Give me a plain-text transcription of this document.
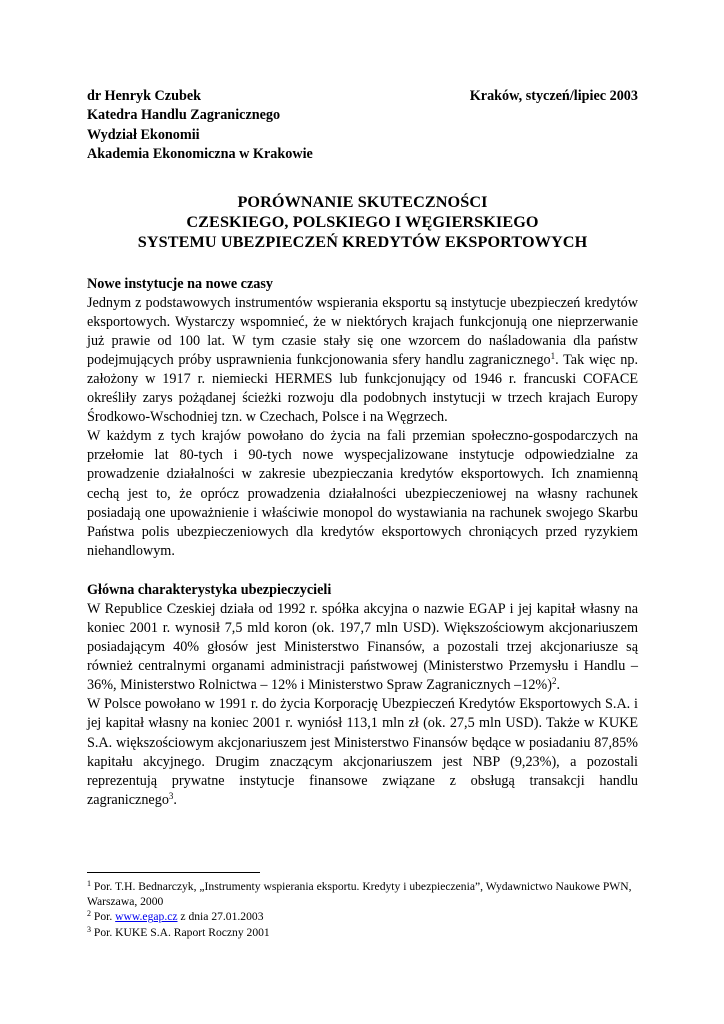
dr Henryk Czubek	Kraków, styczeń/lipiec 2003
Katedra Handlu Zagranicznego
Wydział Ekonomii
Akademia Ekonomiczna w Krakowie
PORÓWNANIE SKUTECZNOŚCI
CZESKIEGO, POLSKIEGO I WĘGIERSKIEGO
SYSTEMU UBEZPIECZEŃ KREDYTÓW EKSPORTOWYCH
Nowe instytucje na nowe czasy

Jednym z podstawowych instrumentów wspierania eksportu są instytucje ubezpieczeń kredytów eksportowych. Wystarczy wspomnieć, że w niektórych krajach funkcjonują one nieprzerwanie już prawie od 100 lat. W tym czasie stały się one wzorcem do naśladowania dla państw podejmujących próby usprawnienia funkcjonowania sfery handlu zagranicznego$^1$. Tak więc np. założony w 1917 r. niemiecki HERMES lub funkcjonujący od 1946 r. francuski COFACE określiły zarys pożądanej ścieżki rozwoju dla podobnych instytucji w trzech krajach Europy Środkowo-Wschodniej tzn. w Czechach, Polsce i na Węgrzech.

W każdym z tych krajów powołano do życia na fali przemian społeczno-gospodarczych na przełomie lat 80-tych i 90-tych nowe wyspecjalizowane instytucje odpowiedzialne za prowadzenie działalności w zakresie ubezpieczania kredytów eksportowych. Ich znamienną cechą jest to, że oprócz prowadzenia działalności ubezpieczeniowej na własny rachunek posiadają one upoważnienie i właściwie monopol do wystawiania na rachunek swojego Skarbu Państwa polis ubezpieczeniowych dla kredytów eksportowych chroniących przed ryzykiem niehandlowym.

Główna charakterystyka ubezpieczycieli

W Republice Czeskiej działa od 1992 r. spółka akcyjna o nazwie EGAP i jej kapitał własny na koniec 2001 r. wynosił 7,5 mld koron (ok. 197,7 mln USD). Większościowym akcjonariuszem posiadającym 40% głosów jest Ministerstwo Finansów, a pozostali trzej akcjonariusze są również centralnymi organami administracji państwowej (Ministerstwo Przemysłu i Handlu – 36%, Ministerstwo Rolnictwa – 12% i Ministerstwo Spraw Zagranicznych –12%)$^2$.

W Polsce powołano w 1991 r. do życia Korporację Ubezpieczeń Kredytów Eksportowych S.A. i jej kapitał własny na koniec 2001 r. wyniósł 113,1 mln zł (ok. 27,5 mln USD). Także w KUKE S.A. większościowym akcjonariuszem jest Ministerstwo Finansów będące w posiadaniu 87,85% kapitału akcyjnego. Drugim znaczącym akcjonariuszem jest NBP (9,23%), a pozostali reprezentują prywatne instytucje finansowe związane z obsługą transakcji handlu zagranicznego$^3$.

$^1$ Por. T.H. Bednarczyk, „Instrumenty wspierania eksportu. Kredyty i ubezpieczenia”, Wydawnictwo Naukowe PWN, Warszawa, 2000
$^2$ Por. www.egap.cz z dnia 27.01.2003
$^3$ Por. KUKE S.A. Raport Roczny 2001
